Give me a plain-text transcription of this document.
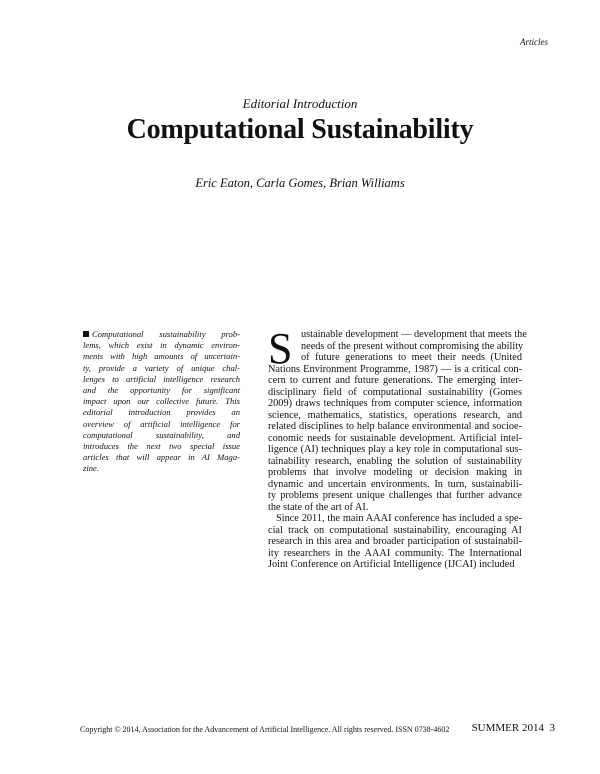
Articles
Editorial Introduction
Computational Sustainability
Eric Eaton, Carla Gomes, Brian Williams
Computational sustainability prob-
lems, which exist in dynamic environ-
ments with high amounts of uncertain-
ty, provide a variety of unique chal-
lenges to artificial intelligence research
and the opportunity for significant
impact upon our collective future. This
editorial introduction provides an
overview of artificial intelligence for
computational sustainability, and
introduces the next two special issue
articles that will appear in AI Maga-
zine.
S ustainable development — development that meets the
needs of the present without compromising the ability
of future generations to meet their needs (United
Nations Environment Programme, 1987) — is a critical con-
cern to current and future generations. The emerging inter-
disciplinary field of computational sustainability (Gomes
2009) draws techniques from computer science, information
science, mathematics, statistics, operations research, and
related disciplines to help balance environmental and socioe-
conomic needs for sustainable development. Artificial intel-
ligence (AI) techniques play a key role in computational sus-
tainability research, enabling the solution of sustainability
problems that involve modeling or decision making in
dynamic and uncertain environments. In turn, sustainabili-
ty problems present unique challenges that further advance
the state of the art of AI.
Since 2011, the main AAAI conference has included a spe-
cial track on computational sustainability, encouraging AI
research in this area and broader participation of sustainabil-
ity researchers in the AAAI community. The International
Joint Conference on Artificial Intelligence (IJCAI) included
Copyright © 2014, Association for the Advancement of Artificial Intelligence. All rights reserved. ISSN 0738-4602 SUMMER 2014 3
